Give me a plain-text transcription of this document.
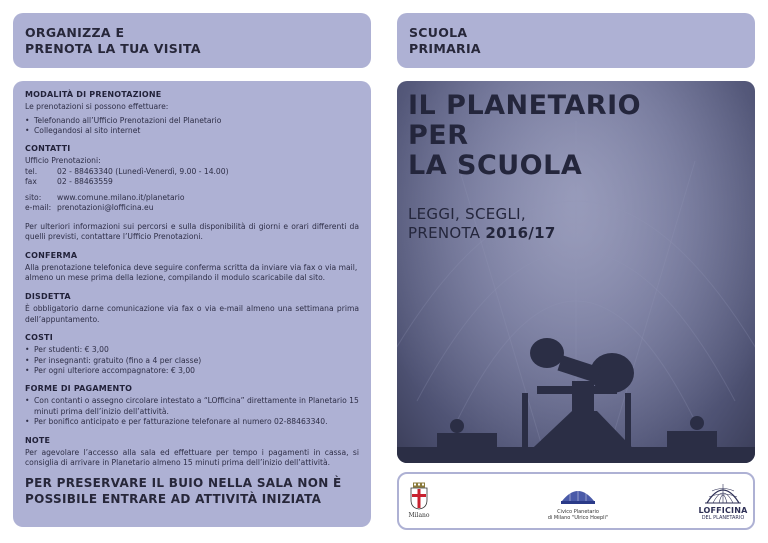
ORGANIZZA E
PRENOTA LA TUA VISITA
SCUOLA
PRIMARIA
MODALITÀ DI PRENOTAZIONE
Le prenotazioni si possono effettuare:
• Telefonando all’Ufficio Prenotazioni del Planetario
• Collegandosi al sito internet
CONTATTI
Ufficio Prenotazioni:
tel.	02 - 88463340 (Lunedì-Venerdì, 9.00 - 14.00)
fax	02 - 88463559
sito:	www.comune.milano.it/planetario
e-mail: prenotazioni@lofficina.eu
Per ulteriori informazioni sui percorsi e sulla disponibilità di giorni e orari differenti da quelli previsti, contattare l’Ufficio Prenotazioni.
CONFERMA
Alla prenotazione telefonica deve seguire conferma scritta da inviare via fax o via mail, almeno un mese prima della lezione, compilando il modulo scaricabile dal sito.
DISDETTA
È obbligatorio darne comunicazione via fax o via e-mail almeno una settimana prima dell’appuntamento.
COSTI
• Per studenti: € 3,00
• Per insegnanti: gratuito (fino a 4 per classe)
• Per ogni ulteriore accompagnatore: € 3,00
FORME DI PAGAMENTO
• Con contanti o assegno circolare intestato a “LOfficina” direttamente in Planetario 15 minuti prima dell’inizio dell’attività.
• Per bonifico anticipato e per fatturazione telefonare al numero 02-88463340.
NOTE
Per agevolare l’accesso alla sala ed effettuare per tempo i pagamenti in cassa, si consiglia di arrivare in Planetario almeno 15 minuti prima dell’inizio dell’attività.
PER PRESERVARE IL BUIO NELLA SALA NON È
POSSIBILE ENTRARE AD ATTIVITÀ INIZIATA
IL PLANETARIO
PER
LA SCUOLA
LEGGI, SCEGLI,
PRENOTA 2016/17
Milano	Civico Planetario
di Milano "Ulrico Hoepli"
LOFFICINA
DEL PLANETARIO
